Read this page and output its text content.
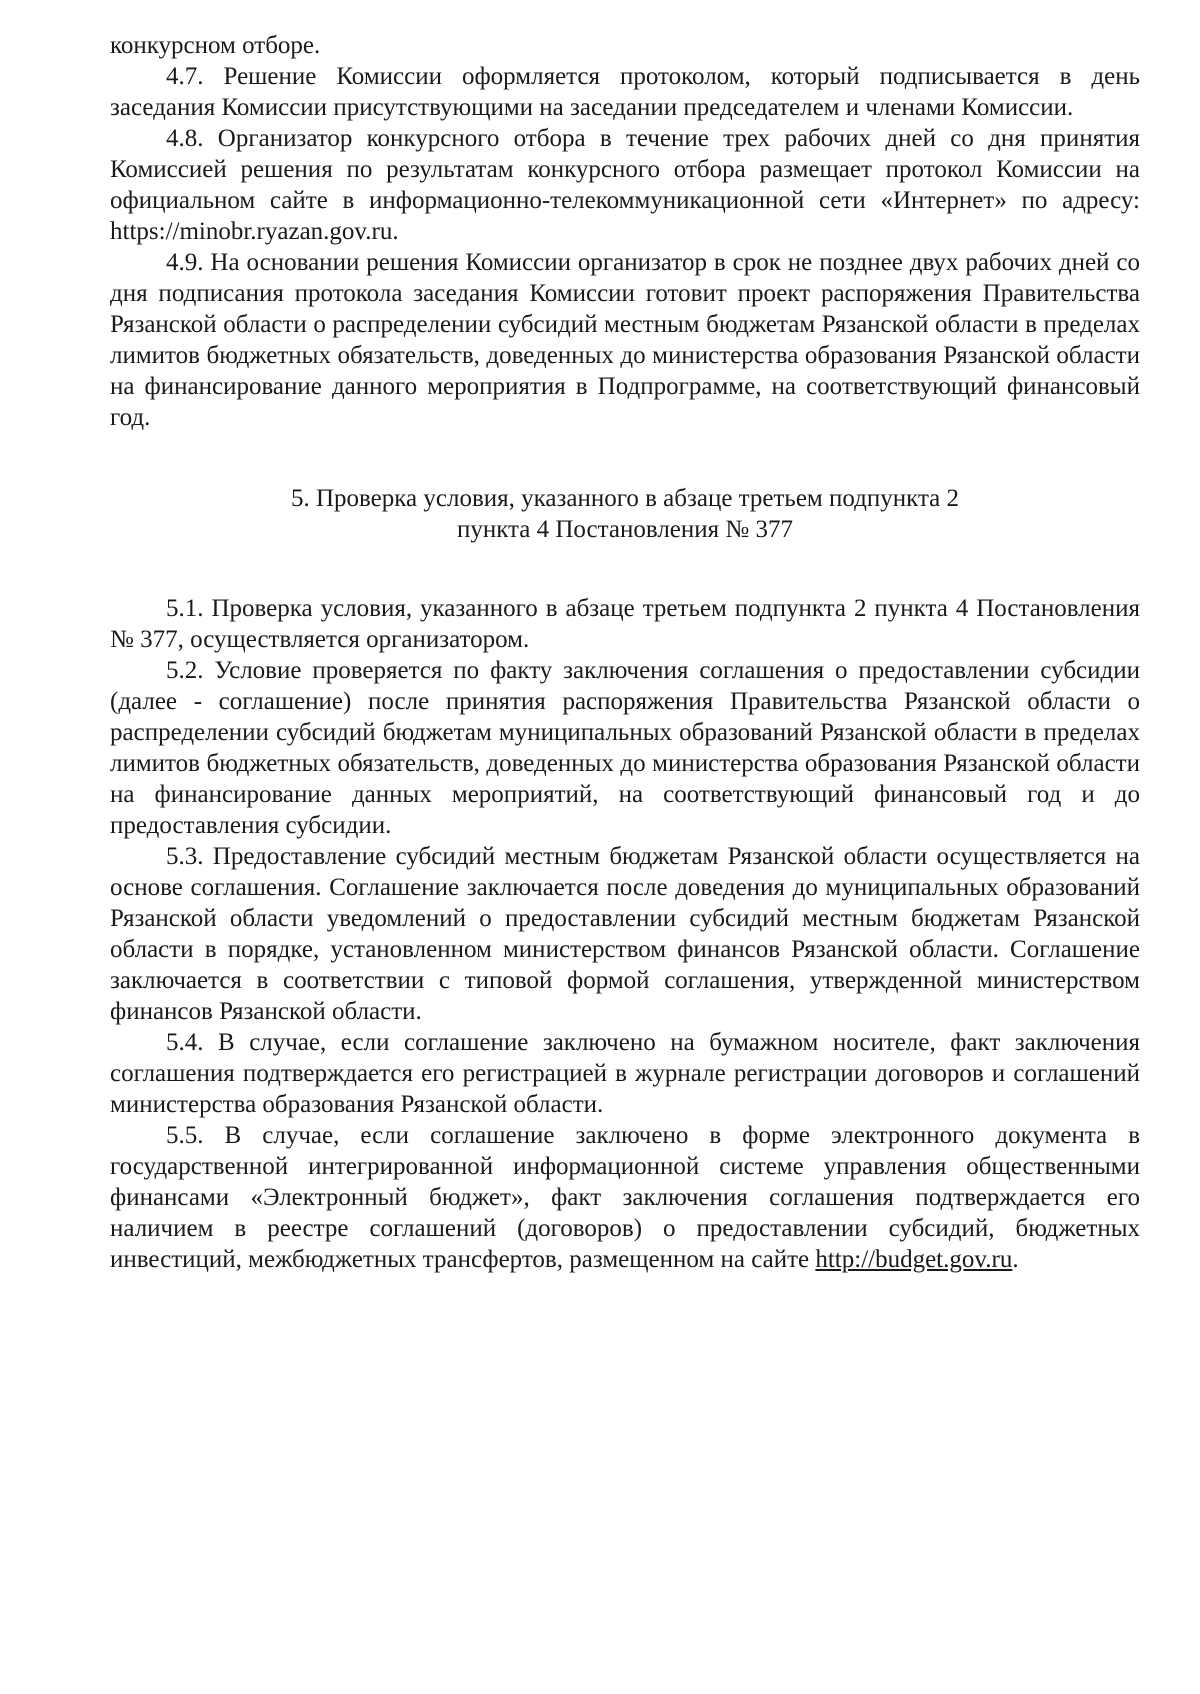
конкурсном отборе.

4.7. Решение Комиссии оформляется протоколом, который подписывается в день заседания Комиссии присутствующими на заседании председателем и членами Комиссии.

4.8. Организатор конкурсного отбора в течение трех рабочих дней со дня принятия Комиссией решения по результатам конкурсного отбора размещает протокол Комиссии на официальном сайте в информационно-телекоммуникационной сети «Интернет» по адресу: https://minobr.ryazan.gov.ru.

4.9. На основании решения Комиссии организатор в срок не позднее двух рабочих дней со дня подписания протокола заседания Комиссии готовит проект распоряжения Правительства Рязанской области о распределении субсидий местным бюджетам Рязанской области в пределах лимитов бюджетных обязательств, доведенных до министерства образования Рязанской области на финансирование данного мероприятия в Подпрограмме, на соответствующий финансовый год.

5. Проверка условия, указанного в абзаце третьем подпункта 2
пункта 4 Постановления № 377

5.1. Проверка условия, указанного в абзаце третьем подпункта 2 пункта 4 Постановления № 377, осуществляется организатором.

5.2. Условие проверяется по факту заключения соглашения о предоставлении субсидии (далее - соглашение) после принятия распоряжения Правительства Рязанской области о распределении субсидий бюджетам муниципальных образований Рязанской области в пределах лимитов бюджетных обязательств, доведенных до министерства образования Рязанской области на финансирование данных мероприятий, на соответствующий финансовый год и до предоставления субсидии.

5.3. Предоставление субсидий местным бюджетам Рязанской области осуществляется на основе соглашения. Соглашение заключается после доведения до муниципальных образований Рязанской области уведомлений о предоставлении субсидий местным бюджетам Рязанской области в порядке, установленном министерством финансов Рязанской области. Соглашение заключается в соответствии с типовой формой соглашения, утвержденной министерством финансов Рязанской области.

5.4. В случае, если соглашение заключено на бумажном носителе, факт заключения соглашения подтверждается его регистрацией в журнале регистрации договоров и соглашений министерства образования Рязанской области.

5.5. В случае, если соглашение заключено в форме электронного документа в государственной интегрированной информационной системе управления общественными финансами «Электронный бюджет», факт заключения соглашения подтверждается его наличием в реестре соглашений (договоров) о предоставлении субсидий, бюджетных инвестиций, межбюджетных трансфертов, размещенном на сайте http://budget.gov.ru.
